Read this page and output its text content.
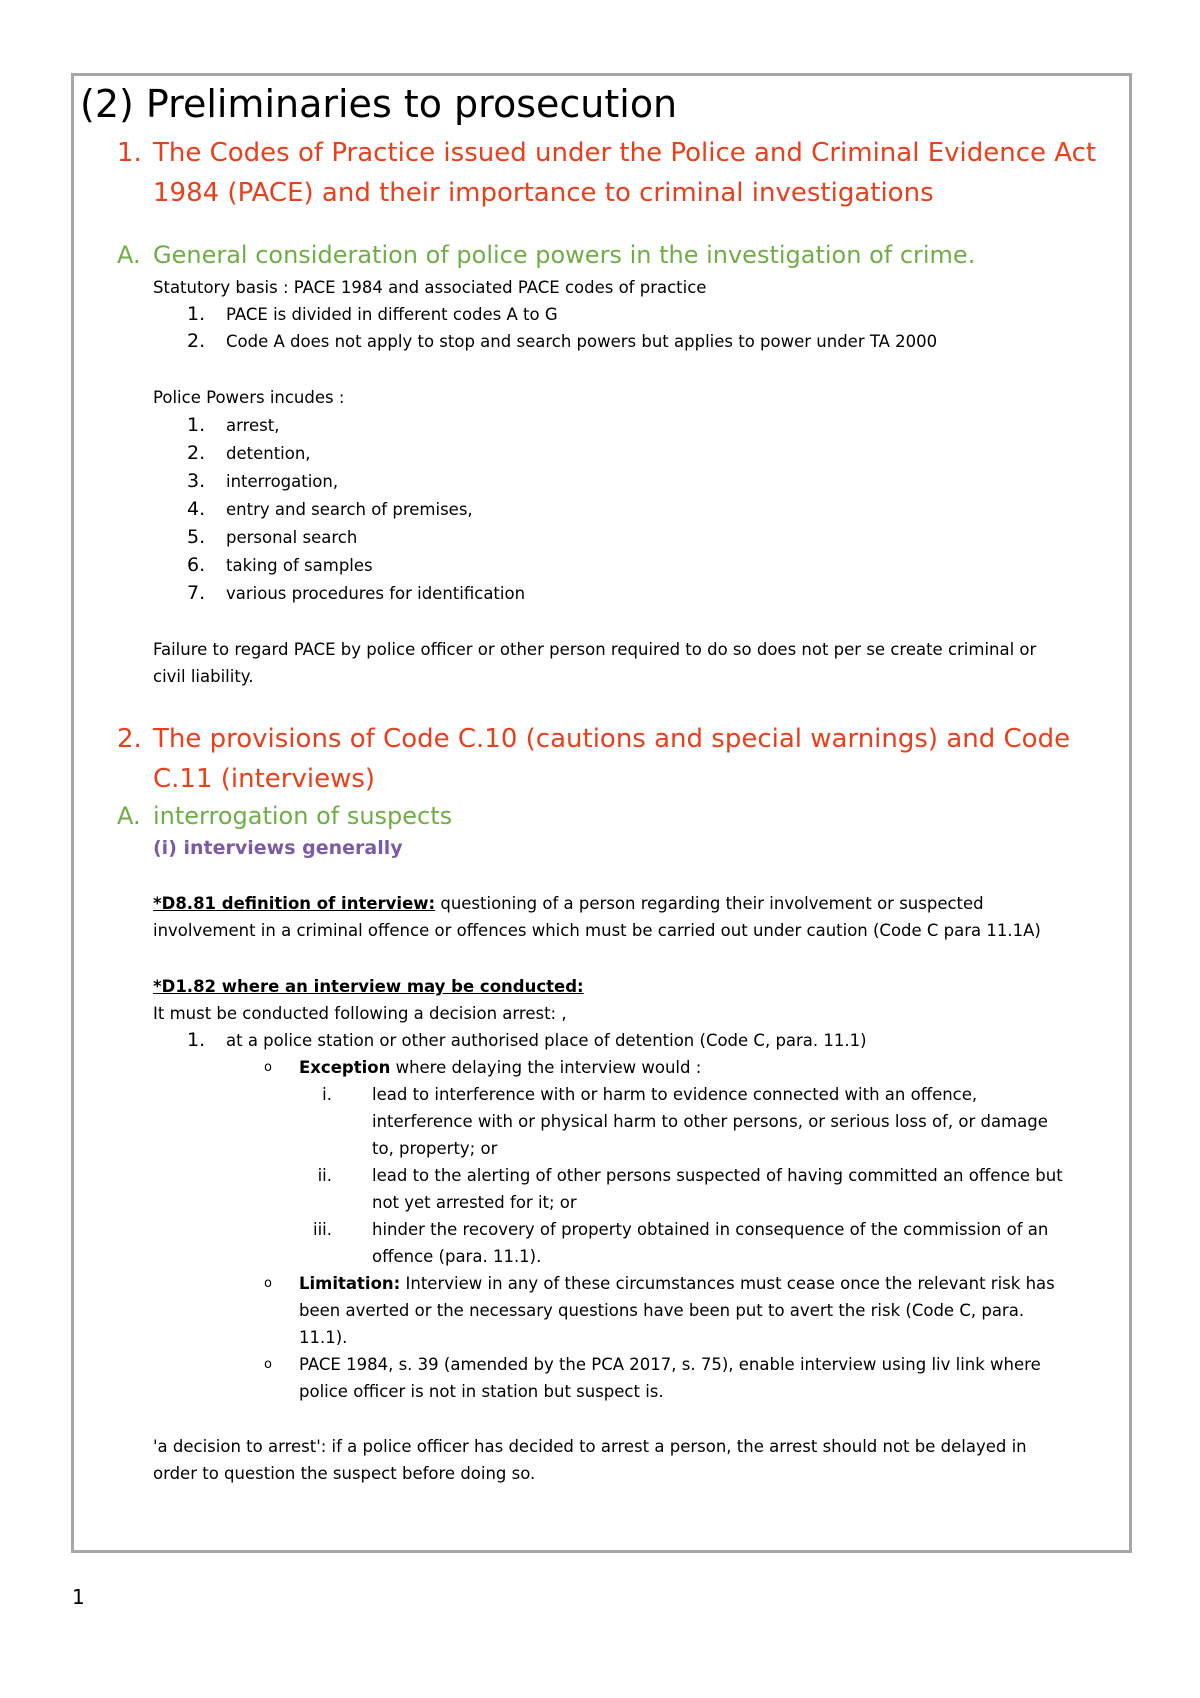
(2) Preliminaries to prosecution
1. The Codes of Practice issued under the Police and Criminal Evidence Act
1984 (PACE) and their importance to criminal investigations
A. General consideration of police powers in the investigation of crime.
Statutory basis : PACE 1984 and associated PACE codes of practice
1. PACE is divided in different codes A to G
2. Code A does not apply to stop and search powers but applies to power under TA 2000
Police Powers incudes :
1. arrest,
2. detention,
3. interrogation,
4. entry and search of premises,
5. personal search
6. taking of samples
7. various procedures for identification
Failure to regard PACE by police officer or other person required to do so does not per se create criminal or
civil liability.
2. The provisions of Code C.10 (cautions and special warnings) and Code
C.11 (interviews)
A. interrogation of suspects
(i) interviews generally
*D8.81 definition of interview: questioning of a person regarding their involvement or suspected
involvement in a criminal offence or offences which must be carried out under caution (Code C para 11.1A)
*D1.82 where an interview may be conducted:
It must be conducted following a decision arrest: ,
1. at a police station or other authorised place of detention (Code C, para. 11.1)
o Exception where delaying the interview would :
i. lead to interference with or harm to evidence connected with an offence,
interference with or physical harm to other persons, or serious loss of, or damage
to, property; or
ii. lead to the alerting of other persons suspected of having committed an offence but
not yet arrested for it; or
iii. hinder the recovery of property obtained in consequence of the commission of an
offence (para. 11.1).
o Limitation: Interview in any of these circumstances must cease once the relevant risk has
been averted or the necessary questions have been put to avert the risk (Code C, para.
11.1).
o PACE 1984, s. 39 (amended by the PCA 2017, s. 75), enable interview using liv link where
police officer is not in station but suspect is.
'a decision to arrest': if a police officer has decided to arrest a person, the arrest should not be delayed in
order to question the suspect before doing so.
1
